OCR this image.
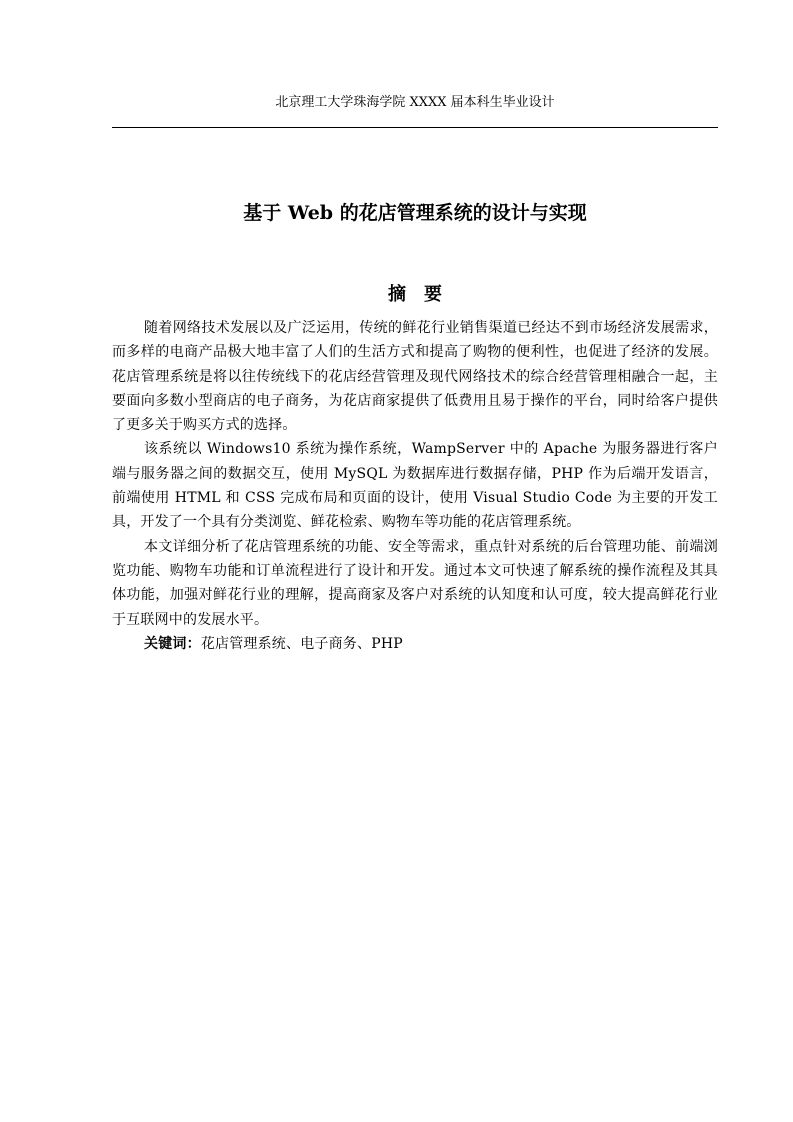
北京理工大学珠海学院 XXXX 届本科生毕业设计
基于 Web 的花店管理系统的设计与实现
摘要

随着网络技术发展以及广泛运用，传统的鲜花行业销售渠道已经达不到市场经济发展需求，而多样的电商产品极大地丰富了人们的生活方式和提高了购物的便利性，也促进了经济的发展。花店管理系统是将以往传统线下的花店经营管理及现代网络技术的综合经营管理相融合一起，主要面向多数小型商店的电子商务，为花店商家提供了低费用且易于操作的平台，同时给客户提供了更多关于购买方式的选择。

该系统以 Windows10 系统为操作系统，WampServer 中的 Apache 为服务器进行客户端与服务器之间的数据交互，使用 MySQL 为数据库进行数据存储，PHP 作为后端开发语言，前端使用 HTML 和 CSS 完成布局和页面的设计，使用 Visual Studio Code 为主要的开发工具，开发了一个具有分类浏览、鲜花检索、购物车等功能的花店管理系统。

本文详细分析了花店管理系统的功能、安全等需求，重点针对系统的后台管理功能、前端浏览功能、购物车功能和订单流程进行了设计和开发。通过本文可快速了解系统的操作流程及其具体功能，加强对鲜花行业的理解，提高商家及客户对系统的认知度和认可度，较大提高鲜花行业于互联网中的发展水平。

关键词：花店管理系统、电子商务、PHP
